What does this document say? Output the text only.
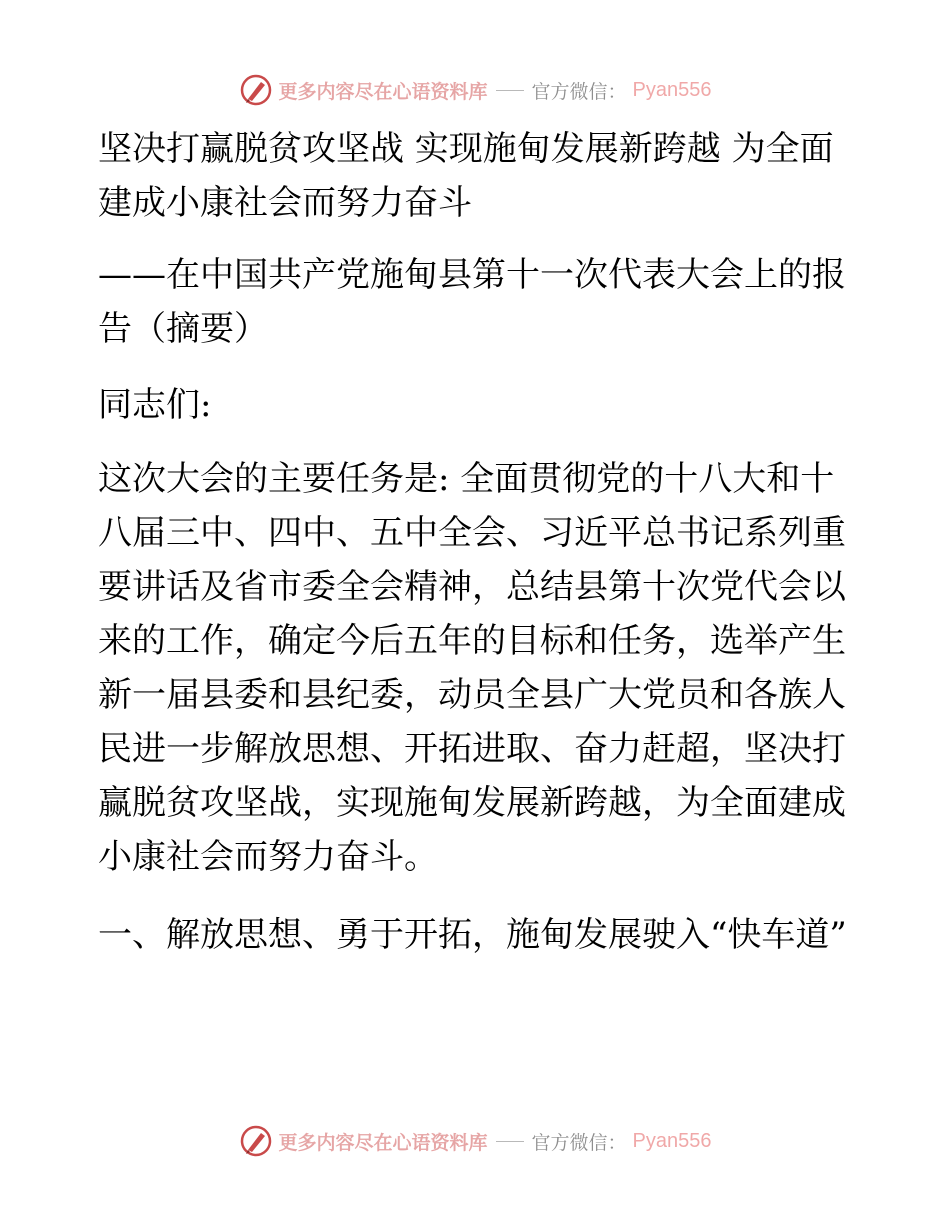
更多内容尽在心语资料库 官方微信： Pyan556

坚决打赢脱贫攻坚战 实现施甸发展新跨越 为全面建成小康社会而努力奋斗

——在中国共产党施甸县第十一次代表大会上的报告（摘要）

同志们:

这次大会的主要任务是: 全面贯彻党的十八大和十八届三中、四中、五中全会、习近平总书记系列重要讲话及省市委全会精神，总结县第十次党代会以来的工作，确定今后五年的目标和任务，选举产生新一届县委和县纪委，动员全县广大党员和各族人民进一步解放思想、开拓进取、奋力赶超，坚决打赢脱贫攻坚战，实现施甸发展新跨越，为全面建成小康社会而努力奋斗。

一、解放思想、勇于开拓，施甸发展驶入“快车道”

更多内容尽在心语资料库 官方微信： Pyan556
